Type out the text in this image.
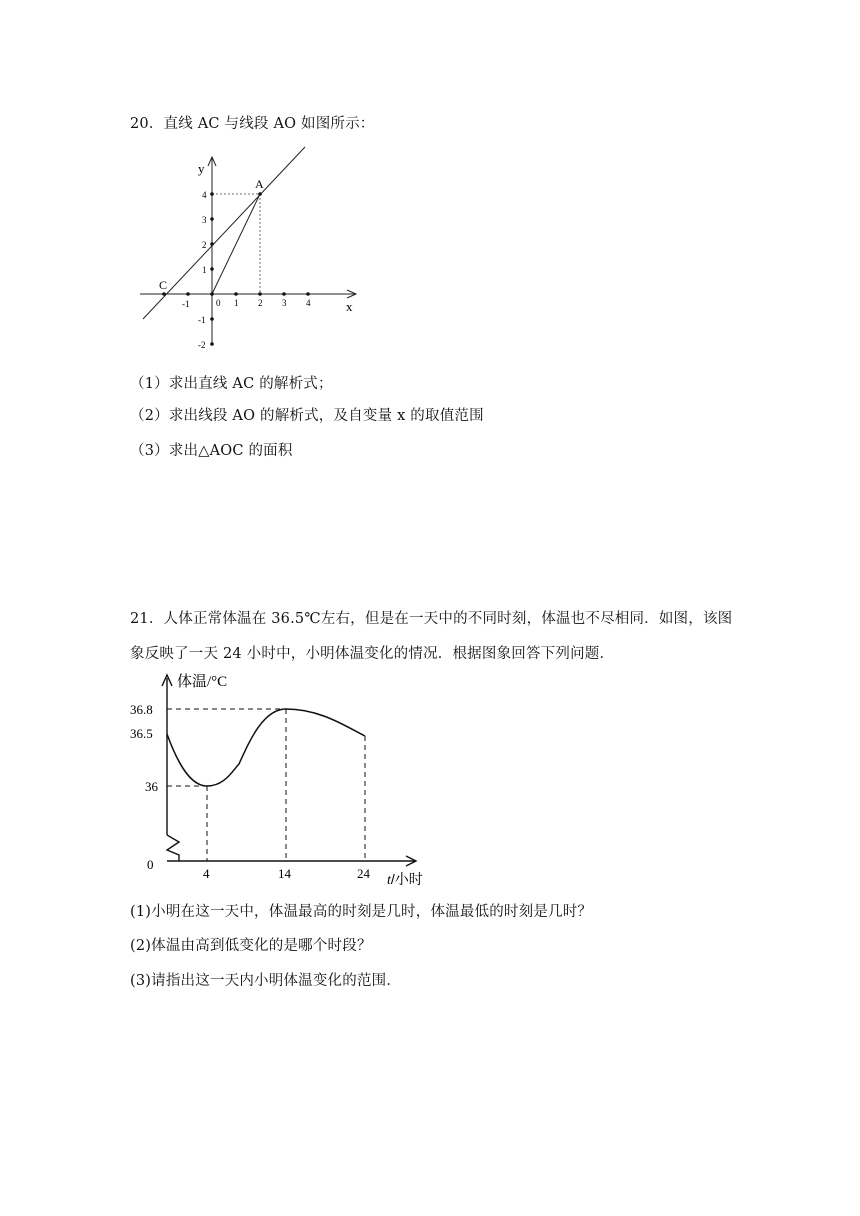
20．直线 AC 与线段 AO 如图所示：
y
x
A
C
0
-1	1 2 3 4
4
3
2
1
-1
-2
（1）求出直线 AC 的解析式；
（2）求出线段 AO 的解析式，及自变量 x 的取值范围
（3）求出△AOC 的面积
21．人体正常体温在 36.5℃左右，但是在一天中的不同时刻，体温也不尽相同．如图，该图
象反映了一天 24 小时中，小明体温变化的情况．根据图象回答下列问题．
体温/°C
36.8
36.5
36
0
4	14	24 t/小时
(1)小明在这一天中，体温最高的时刻是几时，体温最低的时刻是几时？
(2)体温由高到低变化的是哪个时段？
(3)请指出这一天内小明体温变化的范围．
